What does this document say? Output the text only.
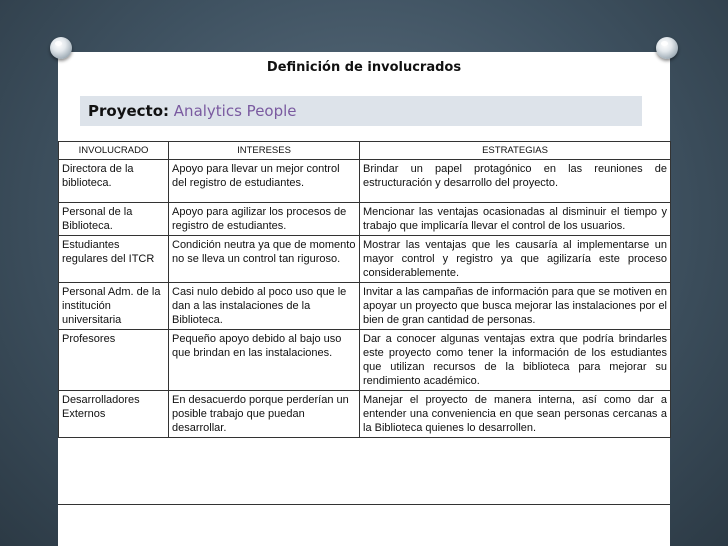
Definición de involucrados
Proyecto: Analytics People
INVOLUCRADO	INTERESES	ESTRATEGIAS
Directora de la biblioteca.	Apoyo para llevar un mejor control del registro de estudiantes.	Brindar un papel protagónico en las reuniones de estructuración y desarrollo del proyecto.
Personal de la Biblioteca.	Apoyo para agilizar los procesos de registro de estudiantes.	Mencionar las ventajas ocasionadas al disminuir el tiempo y trabajo que implicaría llevar el control de los usuarios.
Estudiantes regulares del ITCR	Condición neutra ya que de momento no se lleva un control tan riguroso.	Mostrar las ventajas que les causaría al implementarse un mayor control y registro ya que agilizaría este proceso considerablemente.
Personal Adm. de la institución universitaria	Casi nulo debido al poco uso que le dan a las instalaciones de la Biblioteca.	Invitar a las campañas de información para que se motiven en apoyar un proyecto que busca mejorar las instalaciones por el bien de gran cantidad de personas.
Profesores	Pequeño apoyo debido al bajo uso que brindan en las instalaciones.	Dar a conocer algunas ventajas extra que podría brindarles este proyecto como tener la información de los estudiantes que utilizan recursos de la biblioteca para mejorar su rendimiento académico.
Desarrolladores Externos	En desacuerdo porque perderían un posible trabajo que puedan desarrollar.	Manejar el proyecto de manera interna, así como dar a entender una conveniencia en que sean personas cercanas a la Biblioteca quienes lo desarrollen.
